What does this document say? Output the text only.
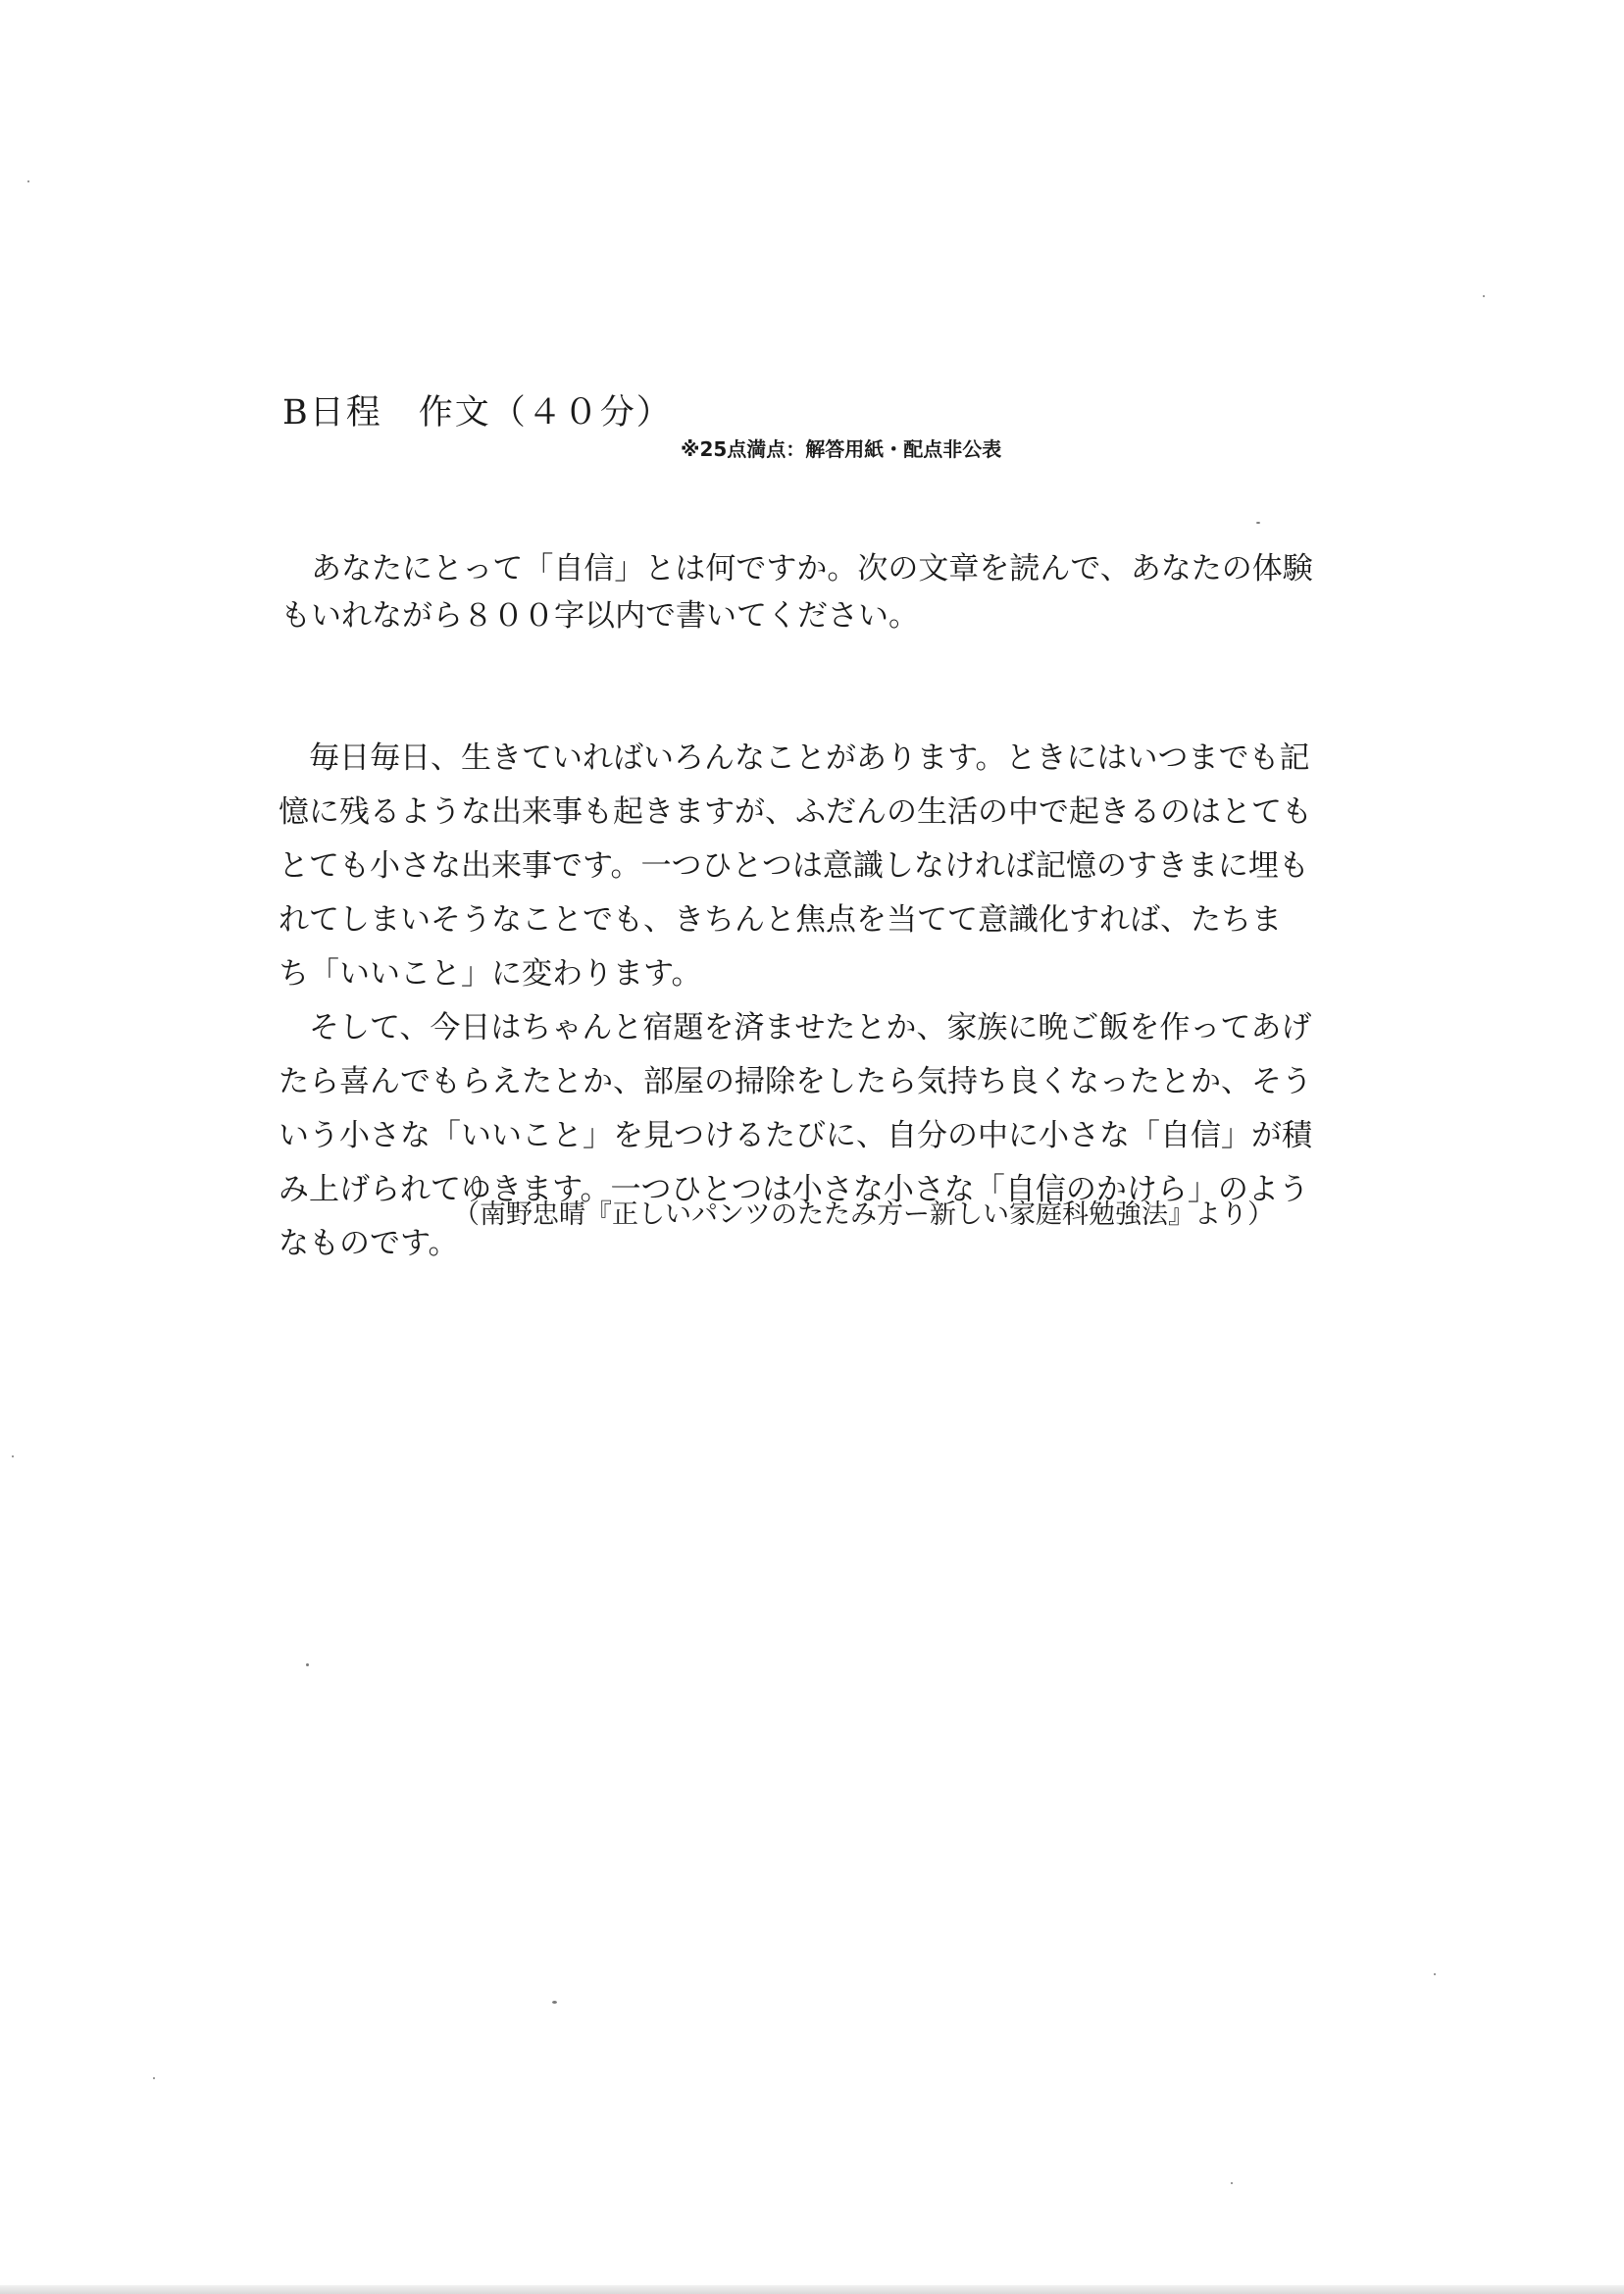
B日程　作文（４０分）
※25点満点：解答用紙・配点非公表
　あなたにとって「自信」とは何ですか。次の文章を読んで、あなたの体験
もいれながら８００字以内で書いてください。
　毎日毎日、生きていればいろんなことがあります。ときにはいつまでも記
憶に残るような出来事も起きますが、ふだんの生活の中で起きるのはとても
とても小さな出来事です。一つひとつは意識しなければ記憶のすきまに埋も
れてしまいそうなことでも、きちんと焦点を当てて意識化すれば、たちま
ち「いいこと」に変わります。
　そして、今日はちゃんと宿題を済ませたとか、家族に晩ご飯を作ってあげ
たら喜んでもらえたとか、部屋の掃除をしたら気持ち良くなったとか、そう
いう小さな「いいこと」を見つけるたびに、自分の中に小さな「自信」が積
み上げられてゆきます。一つひとつは小さな小さな「自信のかけら」のよう
なものです。
（南野忠晴『正しいパンツのたたみ方ー新しい家庭科勉強法』より）
